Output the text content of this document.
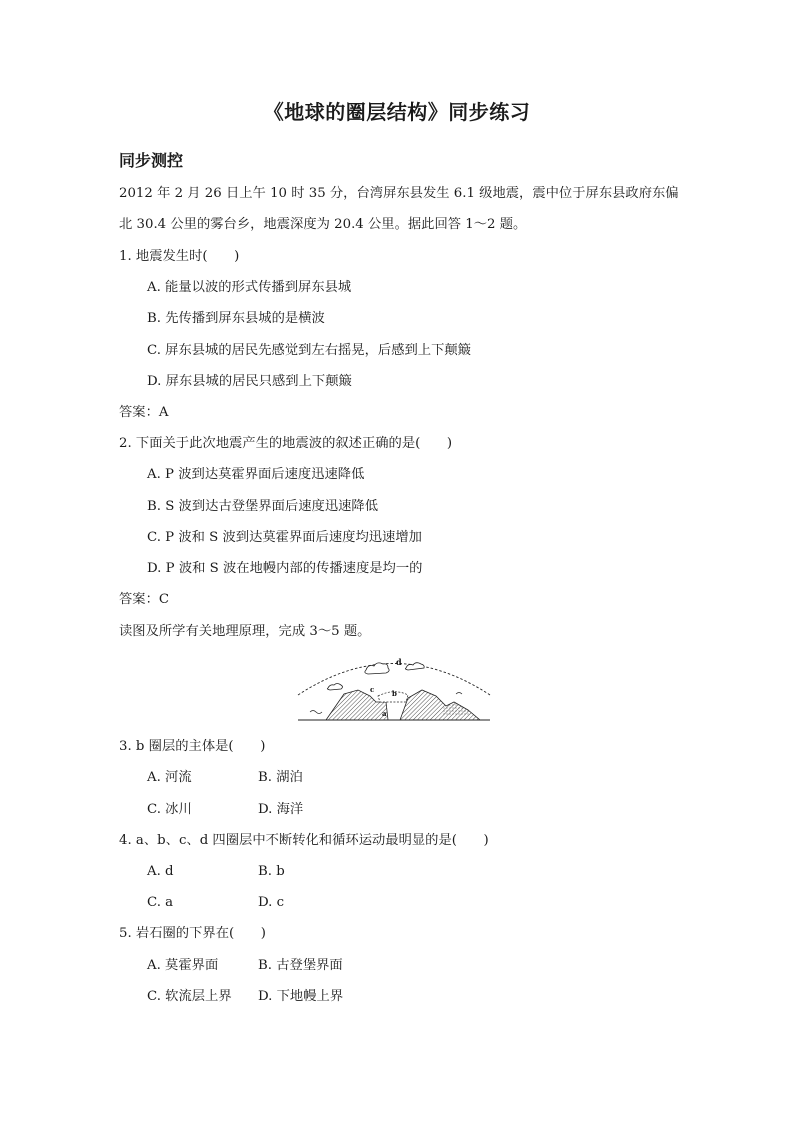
《地球的圈层结构》同步练习
同步测控
2012 年 2 月 26 日上午 10 时 35 分，台湾屏东县发生 6.1 级地震，震中位于屏东县政府东偏
北 30.4 公里的雾台乡，地震深度为 20.4 公里。据此回答 1～2 题。
1. 地震发生时(　　)
A. 能量以波的形式传播到屏东县城
B. 先传播到屏东县城的是横波
C. 屏东县城的居民先感觉到左右摇晃，后感到上下颠簸
D. 屏东县城的居民只感到上下颠簸
答案：A
2. 下面关于此次地震产生的地震波的叙述正确的是(　　)
A. P 波到达莫霍界面后速度迅速降低
B. S 波到达古登堡界面后速度迅速降低
C. P 波和 S 波到达莫霍界面后速度均迅速增加
D. P 波和 S 波在地幔内部的传播速度是均一的
答案：C
读图及所学有关地理原理，完成 3～5 题。
d
c	b
a
3. b 圈层的主体是(　　)
A. 河流	B. 湖泊
C. 冰川	D. 海洋
4. a、b、c、d 四圈层中不断转化和循环运动最明显的是(　　)
A. d	B. b
C. a	D. c
5. 岩石圈的下界在(　　)
A. 莫霍界面	B. 古登堡界面
C. 软流层上界 D. 下地幔上界
